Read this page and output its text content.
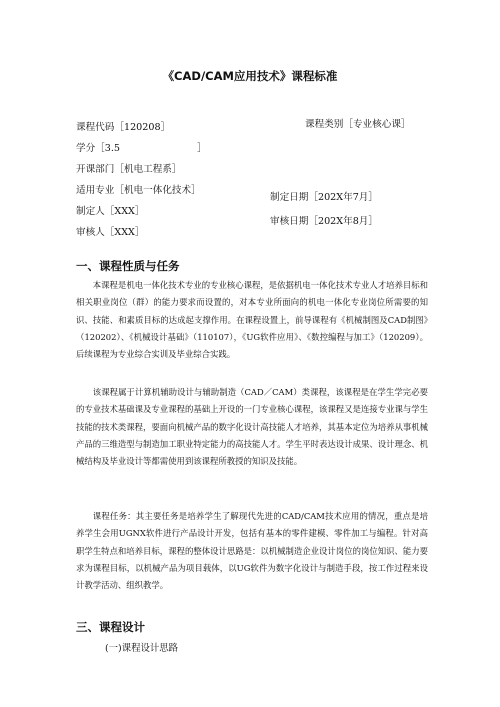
《CAD/CAM应用技术》课程标准
课程代码［120208］
学分［3.5	］
开课部门［机电工程系］
适用专业［机电一体化技术］
制定人［XXX］
审核人［XXX］
课程类别［专业核心课］
制定日期［202X年7月］
审核日期［202X年8月］
一、课程性质与任务

本课程是机电一体化技术专业的专业核心课程，是依据机电一体化技术专业人才培养目标和相关职业岗位（群）的能力要求而设置的，对本专业所面向的机电一体化专业岗位所需要的知识、技能、和素质目标的达成起支撑作用。在课程设置上，前导课程有《机械制图及CAD制图》（120202）、《机械设计基础》（110107），《UG软件应用》、《数控编程与加工》（120209）。后续课程为专业综合实训及毕业综合实践。

该课程属于计算机辅助设计与辅助制造（CAD／CAM）类课程，该课程是在学生学完必要的专业技术基础课及专业课程的基础上开设的一门专业核心课程，该课程又是连接专业课与学生技能的技术类课程，要面向机械产品的数字化设计高技能人才培养，其基本定位为培养从事机械产品的三维造型与制造加工职业特定能力的高技能人才。学生平时表达设计成果、设计理念、机械结构及毕业设计等都需使用到该课程所教授的知识及技能。

课程任务：其主要任务是培养学生了解现代先进的CAD/CAM技术应用的情况，重点是培养学生会用UGNX软件进行产品设计开发，包括有基本的零件建模、零件加工与编程。针对高职学生特点和培养目标，课程的整体设计思路是：以机械制造企业设计岗位的岗位知识、能力要求为课程目标，以机械产品为项目载体，以UG软件为数字化设计与制造手段，按工作过程来设计教学活动、组织教学。

三、课程设计
(一)课程设计思路
